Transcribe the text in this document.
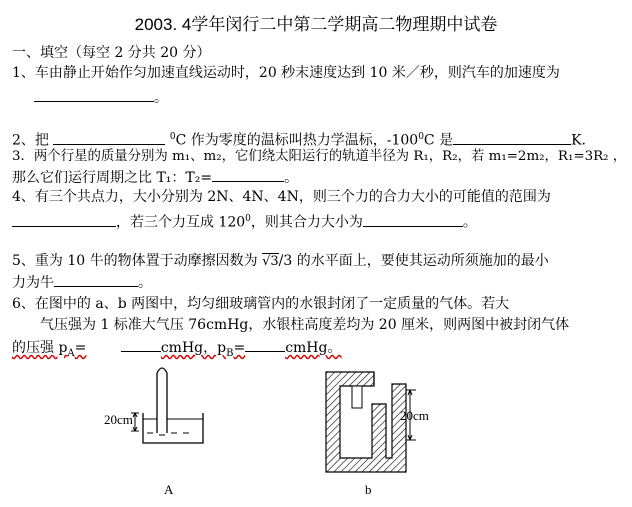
2003. 4学年闵行二中第二学期高二物理期中试卷
一、填空（每空 2 分共 20 分）
1、车由静止开始作匀加速直线运动时，20 秒末速度达到 10 米／秒，则汽车的加速度为
。
2、把	$^0$C 作为零度的温标叫热力学温标，$-100^0C$ 是	K.
3．两个行星的质量分别为 m₁、m₂，它们绕太阳运行的轨道半径为 R₁，R₂，若 m₁=2m₂，R₁=3R₂ ，
那么它们运行周期之比 T₁：T₂=	。
4、有三个共点力，大小分别为 2N、4N、4N，则三个力的合力大小的可能值的范围为
，若三个力互成 $120^0$，则其合力大小为	。
5、重为 10 牛的物体置于动摩擦因数为 √3/3 的水平面上，要使其运动所须施加的最小
力为牛	。
6、在图中的 a、b 两图中，均匀细玻璃管内的水银封闭了一定质量的气体。若大
气压强为 1 标准大气压 76cmHg，水银柱高度差均为 20 厘米，则两图中被封闭气体
的压强 $p_A=$	cmHg，$p_B=$	cmHg。
20cm
A
20cm
b
